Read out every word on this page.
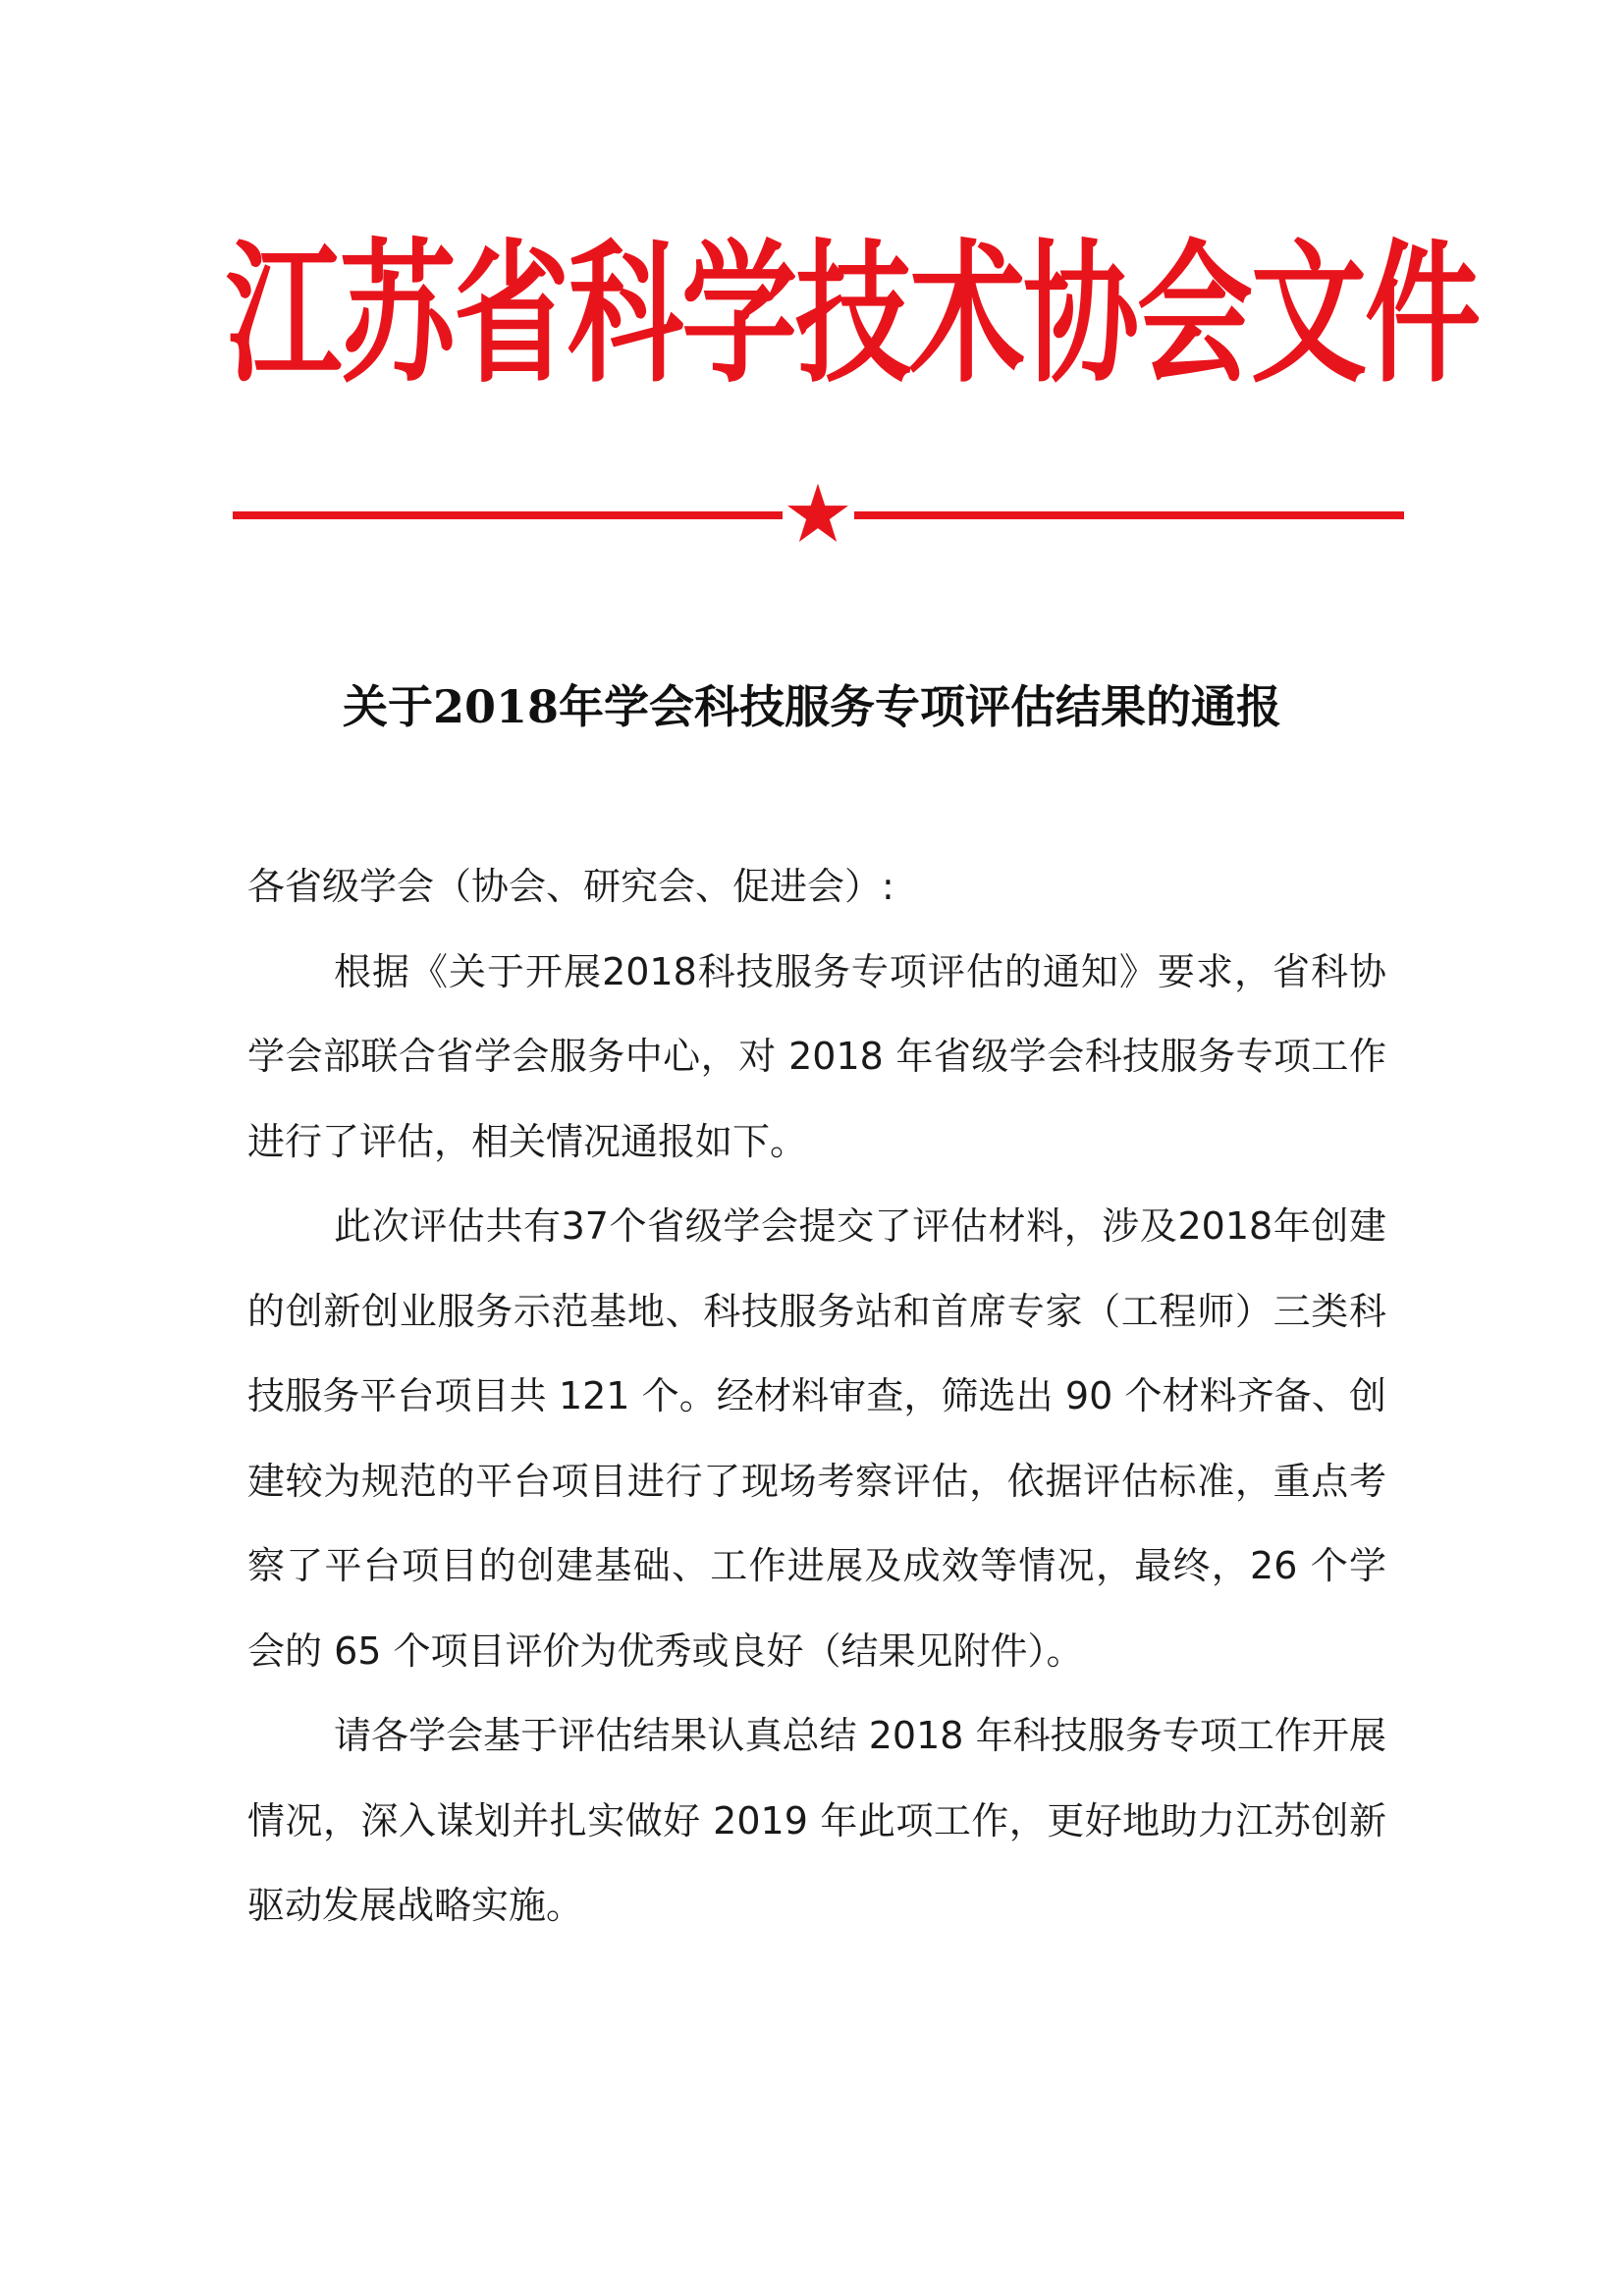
江苏省科学技术协会文件
关于2018年学会科技服务专项评估结果的通报

各省级学会（协会、研究会、促进会）:

根据《关于开展2018科技服务专项评估的通知》要求，省科协学会部联合省学会服务中心，对 2018 年省级学会科技服务专项工作进行了评估，相关情况通报如下。

此次评估共有37个省级学会提交了评估材料，涉及2018年创建的创新创业服务示范基地、科技服务站和首席专家（工程师）三类科技服务平台项目共 121 个。经材料审查，筛选出 90 个材料齐备、创建较为规范的平台项目进行了现场考察评估，依据评估标准，重点考察了平台项目的创建基础、工作进展及成效等情况，最终，26 个学会的 65 个项目评价为优秀或良好（结果见附件）。

请各学会基于评估结果认真总结 2018 年科技服务专项工作开展情况，深入谋划并扎实做好 2019 年此项工作，更好地助力江苏创新驱动发展战略实施。
